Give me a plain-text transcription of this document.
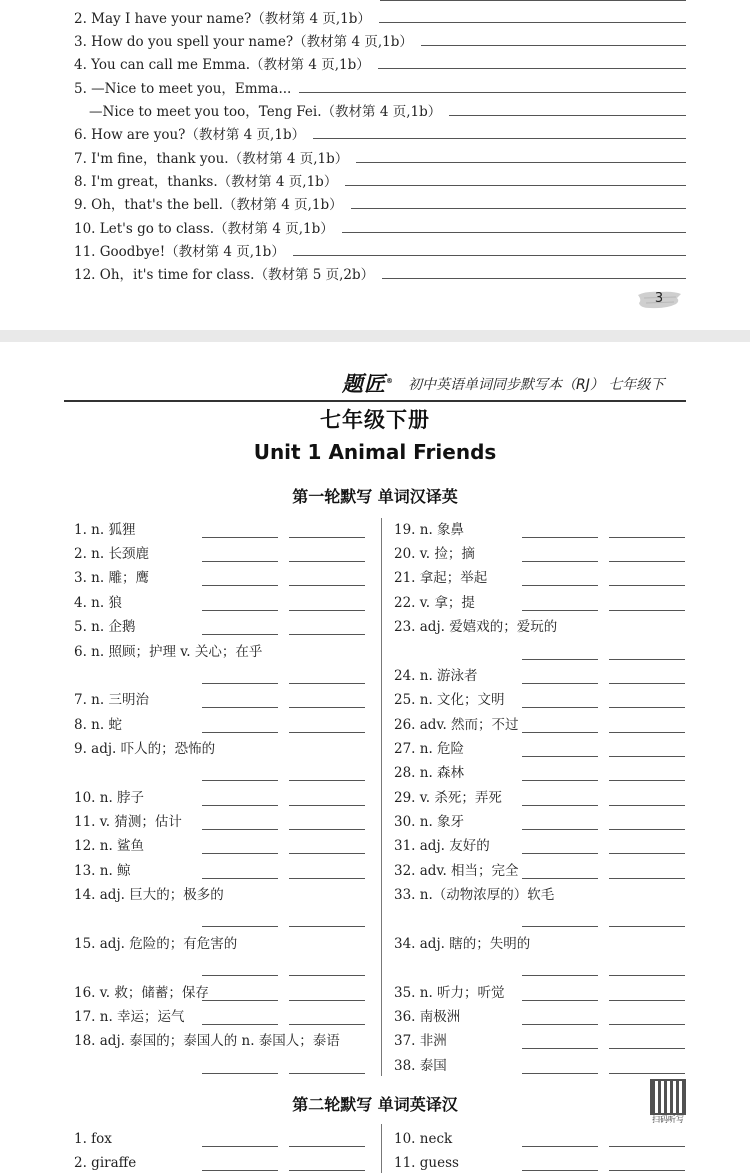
2. May I have your name?（教材第 4 页,1b）
3. How do you spell your name?（教材第 4 页,1b）
4. You can call me Emma.（教材第 4 页,1b）
5. —Nice to meet you，Emma...
—Nice to meet you too，Teng Fei.（教材第 4 页,1b）
6. How are you?（教材第 4 页,1b）
7. I'm fine，thank you.（教材第 4 页,1b）
8. I'm great，thanks.（教材第 4 页,1b）
9. Oh，that's the bell.（教材第 4 页,1b）
10. Let's go to class.（教材第 4 页,1b）
11. Goodbye!（教材第 4 页,1b）
12. Oh，it's time for class.（教材第 5 页,2b）
3
题匠® 初中英语单词同步默写本（RJ） 七年级下
七年级下册
Unit 1 Animal Friends
第一轮默写 单词汉译英
1. n. 狐狸
2. n. 长颈鹿
3. n. 雕；鹰
4. n. 狼
5. n. 企鹅
6. n. 照顾；护理 v. 关心；在乎
7. n. 三明治
8. n. 蛇
9. adj. 吓人的；恐怖的
10. n. 脖子
11. v. 猜测；估计
12. n. 鲨鱼
13. n. 鲸
14. adj. 巨大的；极多的
15. adj. 危险的；有危害的
16. v. 救；储蓄；保存
17. n. 幸运；运气
18. adj. 泰国的；泰国人的 n. 泰国人；泰语
19. n. 象鼻
20. v. 捡；摘
21. 拿起；举起
22. v. 拿；提
23. adj. 爱嬉戏的；爱玩的
24. n. 游泳者
25. n. 文化；文明
26. adv. 然而；不过
27. n. 危险
28. n. 森林
29. v. 杀死；弄死
30. n. 象牙
31. adj. 友好的
32. adv. 相当；完全
33. n.（动物浓厚的）软毛
34. adj. 瞎的；失明的
35. n. 听力；听觉
36. 南极洲
37. 非洲
38. 泰国
扫码听写
第二轮默写 单词英译汉
1. fox
2. giraffe
10. neck
11. guess
